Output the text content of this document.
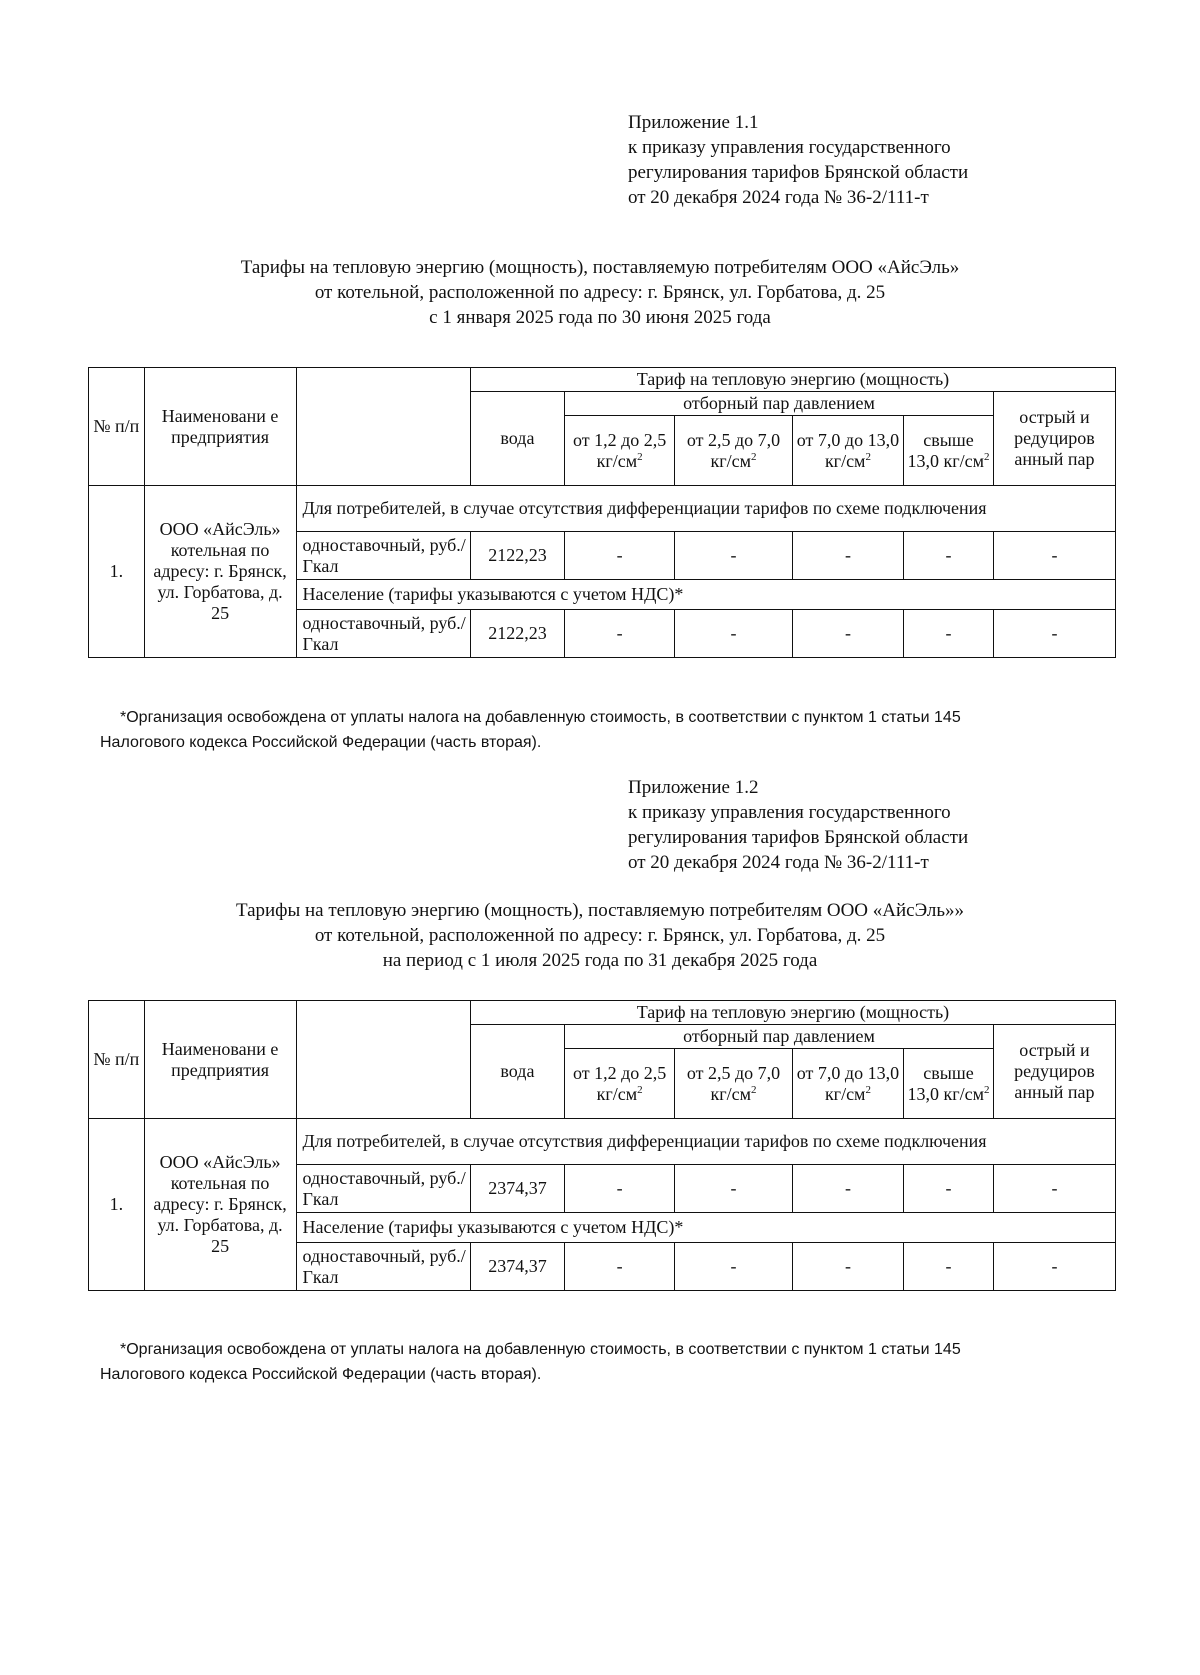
Приложение 1.1
к приказу управления государственного
регулирования тарифов Брянской области
от 20 декабря 2024 года № 36-2/111-т
Тарифы на тепловую энергию (мощность), поставляемую потребителям ООО «АйсЭль»
от котельной, расположенной по адресу: г. Брянск, ул. Горбатова, д. 25
с 1 января 2025 года по 30 июня 2025 года
№ п/п	Наименовани е предприятия		Тариф на тепловую энергию (мощность)					
			вода	отборный пар давлением				острый и редуциров анный пар
				от 1,2 до 2,5 $кг/см^2$	от 2,5 до 7,0 $кг/см^2$	от 7,0 до 13,0 $кг/см^2$	свыше 13,0 $кг/см^2$
1.	ООО «АйсЭль» котельная по адресу: г. Брянск, ул. Горбатова, д. 25	Для потребителей, в случае отсутствия дифференциации тарифов по схеме подключения						
		одноставочный, руб./Гкал	2122,23	-	-	-	-	-
		Население (тарифы указываются с учетом НДС)*						
		одноставочный, руб./Гкал	2122,23	-	-	-	-	-
*Организация освобождена от уплаты налога на добавленную стоимость, в соответствии с пунктом 1 статьи 145
Налогового кодекса Российской Федерации (часть вторая).
Приложение 1.2
к приказу управления государственного
регулирования тарифов Брянской области
от 20 декабря 2024 года № 36-2/111-т
Тарифы на тепловую энергию (мощность), поставляемую потребителям ООО «АйсЭль»»
от котельной, расположенной по адресу: г. Брянск, ул. Горбатова, д. 25
на период с 1 июля 2025 года по 31 декабря 2025 года
№ п/п	Наименовани е предприятия		Тариф на тепловую энергию (мощность)					
			вода	отборный пар давлением				острый и редуциров анный пар
				от 1,2 до 2,5 $кг/см^2$	от 2,5 до 7,0 $кг/см^2$	от 7,0 до 13,0 $кг/см^2$	свыше 13,0 $кг/см^2$
1.	ООО «АйсЭль» котельная по адресу: г. Брянск, ул. Горбатова, д. 25	Для потребителей, в случае отсутствия дифференциации тарифов по схеме подключения						
		одноставочный, руб./Гкал	2374,37	-	-	-	-	-
		Население (тарифы указываются с учетом НДС)*						
		одноставочный, руб./Гкал	2374,37	-	-	-	-	-
*Организация освобождена от уплаты налога на добавленную стоимость, в соответствии с пунктом 1 статьи 145
Налогового кодекса Российской Федерации (часть вторая).
